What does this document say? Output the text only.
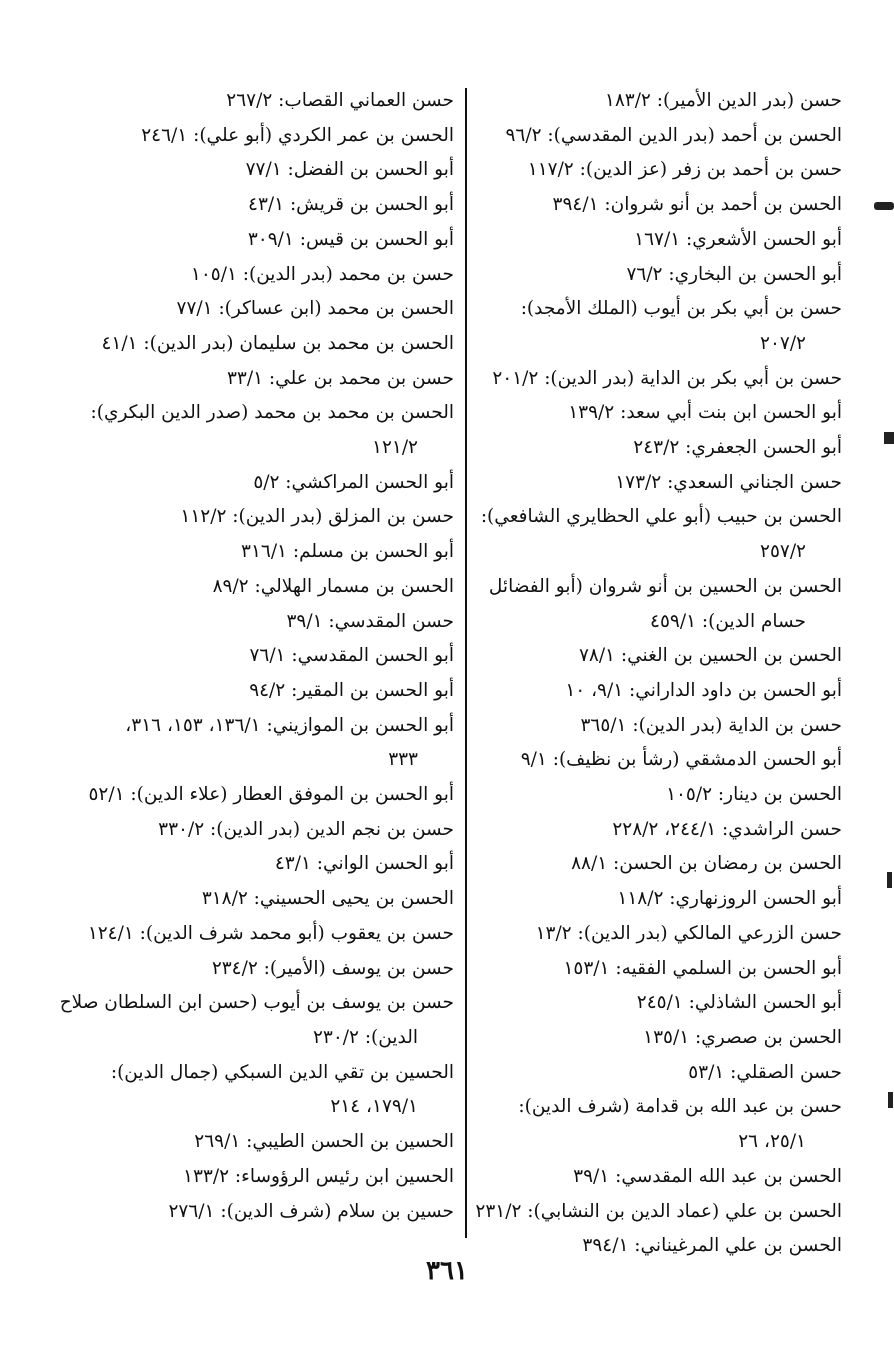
حسن (بدر الدين الأمير): ١٨٣/٢
الحسن بن أحمد (بدر الدين المقدسي): ٩٦/٢
حسن بن أحمد بن زفر (عز الدين): ١١٧/٢
الحسن بن أحمد بن أنو شروان: ٣٩٤/١
أبو الحسن الأشعري: ١٦٧/١
أبو الحسن بن البخاري: ٧٦/٢
حسن بن أبي بكر بن أيوب (الملك الأمجد):
٢٠٧/٢
حسن بن أبي بكر بن الداية (بدر الدين): ٢٠١/٢
أبو الحسن ابن بنت أبي سعد: ١٣٩/٢
أبو الحسن الجعفري: ٢٤٣/٢
حسن الجناني السعدي: ١٧٣/٢
الحسن بن حبيب (أبو علي الحظايري الشافعي):
٢٥٧/٢
الحسن بن الحسين بن أنو شروان (أبو الفضائل
حسام الدين): ٤٥٩/١
الحسن بن الحسين بن الغني: ٧٨/١
أبو الحسن بن داود الداراني: ٩/١، ١٠
حسن بن الداية (بدر الدين): ٣٦٥/١
أبو الحسن الدمشقي (رشأ بن نظيف): ٩/١
الحسن بن دينار: ١٠٥/٢
حسن الراشدي: ٢٤٤/١، ٢٢٨/٢
الحسن بن رمضان بن الحسن: ٨٨/١
أبو الحسن الروزنهاري: ١١٨/٢
حسن الزرعي المالكي (بدر الدين): ١٣/٢
أبو الحسن بن السلمي الفقيه: ١٥٣/١
أبو الحسن الشاذلي: ٢٤٥/١
الحسن بن صصري: ١٣٥/١
حسن الصقلي: ٥٣/١
حسن بن عبد الله بن قدامة (شرف الدين):
٢٥/١، ٢٦
الحسن بن عبد الله المقدسي: ٣٩/١
الحسن بن علي (عماد الدين بن النشابي): ٢٣١/٢
الحسن بن علي المرغيناني: ٣٩٤/١
حسن العماني القصاب: ٢٦٧/٢
الحسن بن عمر الكردي (أبو علي): ٢٤٦/١
أبو الحسن بن الفضل: ٧٧/١
أبو الحسن بن قريش: ٤٣/١
أبو الحسن بن قيس: ٣٠٩/١
حسن بن محمد (بدر الدين): ١٠٥/١
الحسن بن محمد (ابن عساكر): ٧٧/١
الحسن بن محمد بن سليمان (بدر الدين): ٤١/١
حسن بن محمد بن علي: ٣٣/١
الحسن بن محمد بن محمد (صدر الدين البكري):
١٢١/٢
أبو الحسن المراكشي: ٥/٢
حسن بن المزلق (بدر الدين): ١١٢/٢
أبو الحسن بن مسلم: ٣١٦/١
الحسن بن مسمار الهلالي: ٨٩/٢
حسن المقدسي: ٣٩/١
أبو الحسن المقدسي: ٧٦/١
أبو الحسن بن المقير: ٩٤/٢
أبو الحسن بن الموازيني: ١٣٦/١، ١٥٣، ٣١٦،
٣٣٣
أبو الحسن بن الموفق العطار (علاء الدين): ٥٢/١
حسن بن نجم الدين (بدر الدين): ٣٣٠/٢
أبو الحسن الواني: ٤٣/١
الحسن بن يحيى الحسيني: ٣١٨/٢
حسن بن يعقوب (أبو محمد شرف الدين): ١٢٤/١
حسن بن يوسف (الأمير): ٢٣٤/٢
حسن بن يوسف بن أيوب (حسن ابن السلطان صلاح
الدين): ٢٣٠/٢
الحسين بن تقي الدين السبكي (جمال الدين):
١٧٩/١، ٢١٤
الحسين بن الحسن الطيبي: ٢٦٩/١
الحسين ابن رئيس الرؤوساء: ١٣٣/٢
حسين بن سلام (شرف الدين): ٢٧٦/١
٣٦١
